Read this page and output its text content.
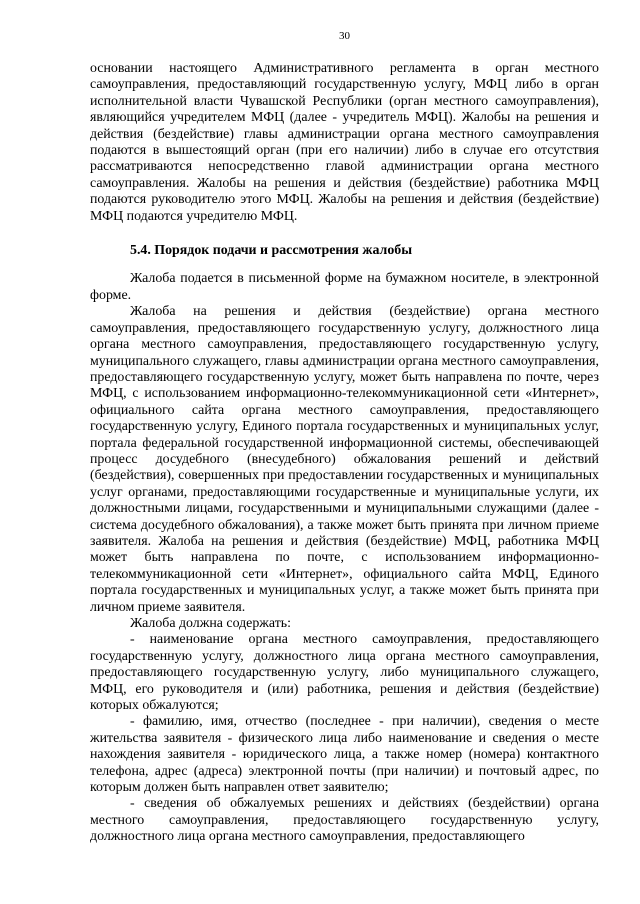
30

основании настоящего Административного регламента в орган местного самоуправления, предоставляющий государственную услугу, МФЦ либо в орган исполнительной власти Чувашской Республики (орган местного самоуправления), являющийся учредителем МФЦ (далее - учредитель МФЦ). Жалобы на решения и действия (бездействие) главы администрации органа местного самоуправления подаются в вышестоящий орган (при его наличии) либо в случае его отсутствия рассматриваются непосредственно главой администрации органа местного самоуправления. Жалобы на решения и действия (бездействие) работника МФЦ подаются руководителю этого МФЦ. Жалобы на решения и действия (бездействие) МФЦ подаются учредителю МФЦ.

5.4. Порядок подачи и рассмотрения жалобы

Жалоба подается в письменной форме на бумажном носителе, в электронной форме.

Жалоба на решения и действия (бездействие) органа местного самоуправления, предоставляющего государственную услугу, должностного лица органа местного самоуправления, предоставляющего государственную услугу, муниципального служащего, главы администрации органа местного самоуправления, предоставляющего государственную услугу, может быть направлена по почте, через МФЦ, с использованием информационно-телекоммуникационной сети «Интернет», официального сайта органа местного самоуправления, предоставляющего государственную услугу, Единого портала государственных и муниципальных услуг, портала федеральной государственной информационной системы, обеспечивающей процесс досудебного (внесудебного) обжалования решений и действий (бездействия), совершенных при предоставлении государственных и муниципальных услуг органами, предоставляющими государственные и муниципальные услуги, их должностными лицами, государственными и муниципальными служащими (далее - система досудебного обжалования), а также может быть принята при личном приеме заявителя. Жалоба на решения и действия (бездействие) МФЦ, работника МФЦ может быть направлена по почте, с использованием информационно-телекоммуникационной сети «Интернет», официального сайта МФЦ, Единого портала государственных и муниципальных услуг, а также может быть принята при личном приеме заявителя.

Жалоба должна содержать:

- наименование органа местного самоуправления, предоставляющего государственную услугу, должностного лица органа местного самоуправления, предоставляющего государственную услугу, либо муниципального служащего, МФЦ, его руководителя и (или) работника, решения и действия (бездействие) которых обжалуются;

- фамилию, имя, отчество (последнее - при наличии), сведения о месте жительства заявителя - физического лица либо наименование и сведения о месте нахождения заявителя - юридического лица, а также номер (номера) контактного телефона, адрес (адреса) электронной почты (при наличии) и почтовый адрес, по которым должен быть направлен ответ заявителю;

- сведения об обжалуемых решениях и действиях (бездействии) органа местного самоуправления, предоставляющего государственную услугу, должностного лица органа местного самоуправления, предоставляющего
